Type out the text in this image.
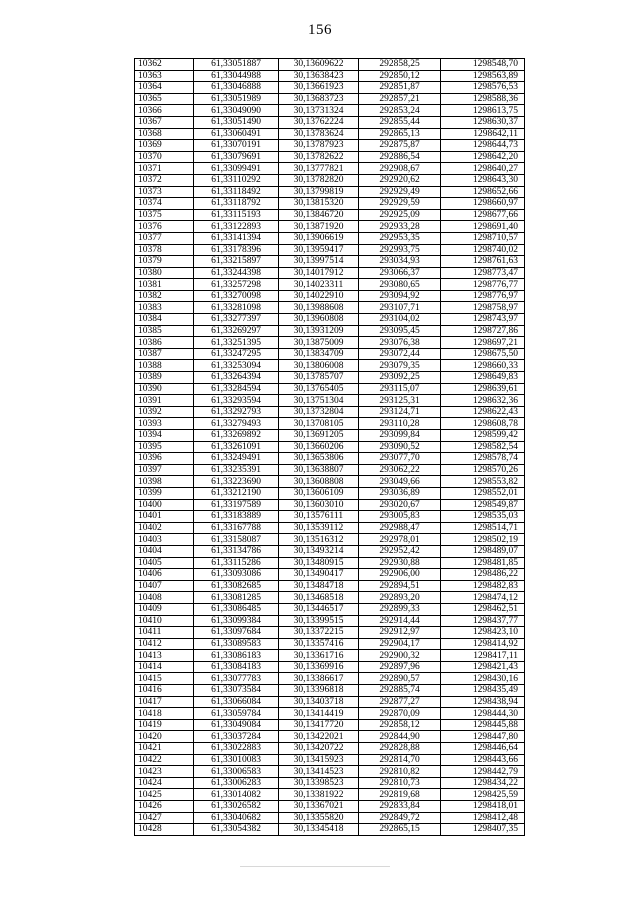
156
10362	61,33051887	30,13609622	292858,25	1298548,70
10363	61,33044988	30,13638423	292850,12	1298563,89
10364	61,33046888	30,13661923	292851,87	1298576,53
10365	61,33051989	30,13683723	292857,21	1298588,36
10366	61,33049090	30,13731324	292853,24	1298613,75
10367	61,33051490	30,13762224	292855,44	1298630,37
10368	61,33060491	30,13783624	292865,13	1298642,11
10369	61,33070191	30,13787923	292875,87	1298644,73
10370	61,33079691	30,13782622	292886,54	1298642,20
10371	61,33099491	30,13777821	292908,67	1298640,27
10372	61,33110292	30,13782820	292920,62	1298643,30
10373	61,33118492	30,13799819	292929,49	1298652,66
10374	61,33118792	30,13815320	292929,59	1298660,97
10375	61,33115193	30,13846720	292925,09	1298677,66
10376	61,33122893	30,13871920	292933,28	1298691,40
10377	61,33141394	30,13906619	292953,35	1298710,57
10378	61,33178396	30,13959417	292993,75	1298740,02
10379	61,33215897	30,13997514	293034,93	1298761,63
10380	61,33244398	30,14017912	293066,37	1298773,47
10381	61,33257298	30,14023311	293080,65	1298776,77
10382	61,33270098	30,14022910	293094,92	1298776,97
10383	61,33281098	30,13988608	293107,71	1298758,97
10384	61,33277397	30,13960808	293104,02	1298743,97
10385	61,33269297	30,13931209	293095,45	1298727,86
10386	61,33251395	30,13875009	293076,38	1298697,21
10387	61,33247295	30,13834709	293072,44	1298675,50
10388	61,33253094	30,13806008	293079,35	1298660,33
10389	61,33264394	30,13785707	293092,25	1298649,83
10390	61,33284594	30,13765405	293115,07	1298639,61
10391	61,33293594	30,13751304	293125,31	1298632,36
10392	61,33292793	30,13732804	293124,71	1298622,43
10393	61,33279493	30,13708105	293110,28	1298608,78
10394	61,33269892	30,13691205	293099,84	1298599,42
10395	61,33261091	30,13660206	293090,52	1298582,54
10396	61,33249491	30,13653806	293077,70	1298578,74
10397	61,33235391	30,13638807	293062,22	1298570,26
10398	61,33223690	30,13608808	293049,66	1298553,82
10399	61,33212190	30,13606109	293036,89	1298552,01
10400	61,33197589	30,13603010	293020,67	1298549,87
10401	61,33183889	30,13576111	293005,83	1298535,03
10402	61,33167788	30,13539112	292988,47	1298514,71
10403	61,33158087	30,13516312	292978,01	1298502,19
10404	61,33134786	30,13493214	292952,42	1298489,07
10405	61,33115286	30,13480915	292930,88	1298481,85
10406	61,33093086	30,13490417	292906,00	1298486,22
10407	61,33082685	30,13484718	292894,51	1298482,83
10408	61,33081285	30,13468518	292893,20	1298474,12
10409	61,33086485	30,13446517	292899,33	1298462,51
10410	61,33099384	30,13399515	292914,44	1298437,77
10411	61,33097684	30,13372215	292912,97	1298423,10
10412	61,33089583	30,13357416	292904,17	1298414,92
10413	61,33086183	30,13361716	292900,32	1298417,11
10414	61,33084183	30,13369916	292897,96	1298421,43
10415	61,33077783	30,13386617	292890,57	1298430,16
10416	61,33073584	30,13396818	292885,74	1298435,49
10417	61,33066084	30,13403718	292877,27	1298438,94
10418	61,33059784	30,13414419	292870,09	1298444,30
10419	61,33049084	30,13417720	292858,12	1298445,88
10420	61,33037284	30,13422021	292844,90	1298447,80
10421	61,33022883	30,13420722	292828,88	1298446,64
10422	61,33010083	30,13415923	292814,70	1298443,66
10423	61,33006583	30,13414523	292810,82	1298442,79
10424	61,33006283	30,13398523	292810,73	1298434,22
10425	61,33014082	30,13381922	292819,68	1298425,59
10426	61,33026582	30,13367021	292833,84	1298418,01
10427	61,33040682	30,13355820	292849,72	1298412,48
10428	61,33054382	30,13345418	292865,15	1298407,35
